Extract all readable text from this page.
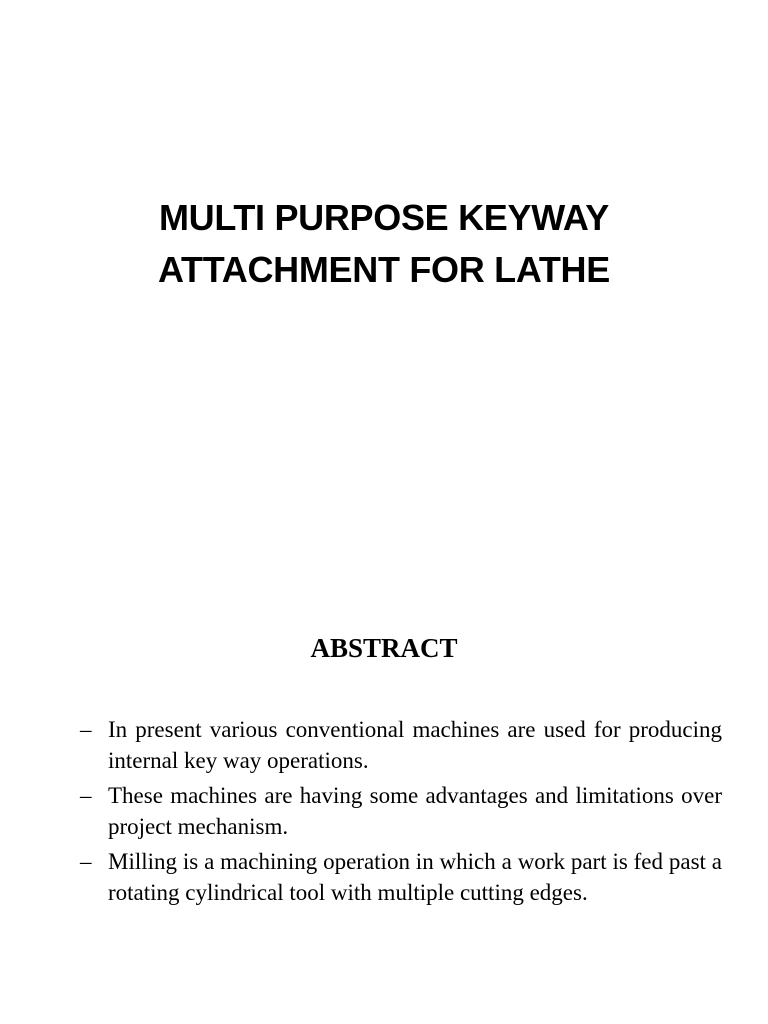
MULTI PURPOSE KEYWAY
ATTACHMENT FOR LATHE
ABSTRACT
– In present various conventional machines are used for producing internal key way operations.
– These machines are having some advantages and limitations over project mechanism.
– Milling is a machining operation in which a work part is fed past a rotating cylindrical tool with multiple cutting edges.
